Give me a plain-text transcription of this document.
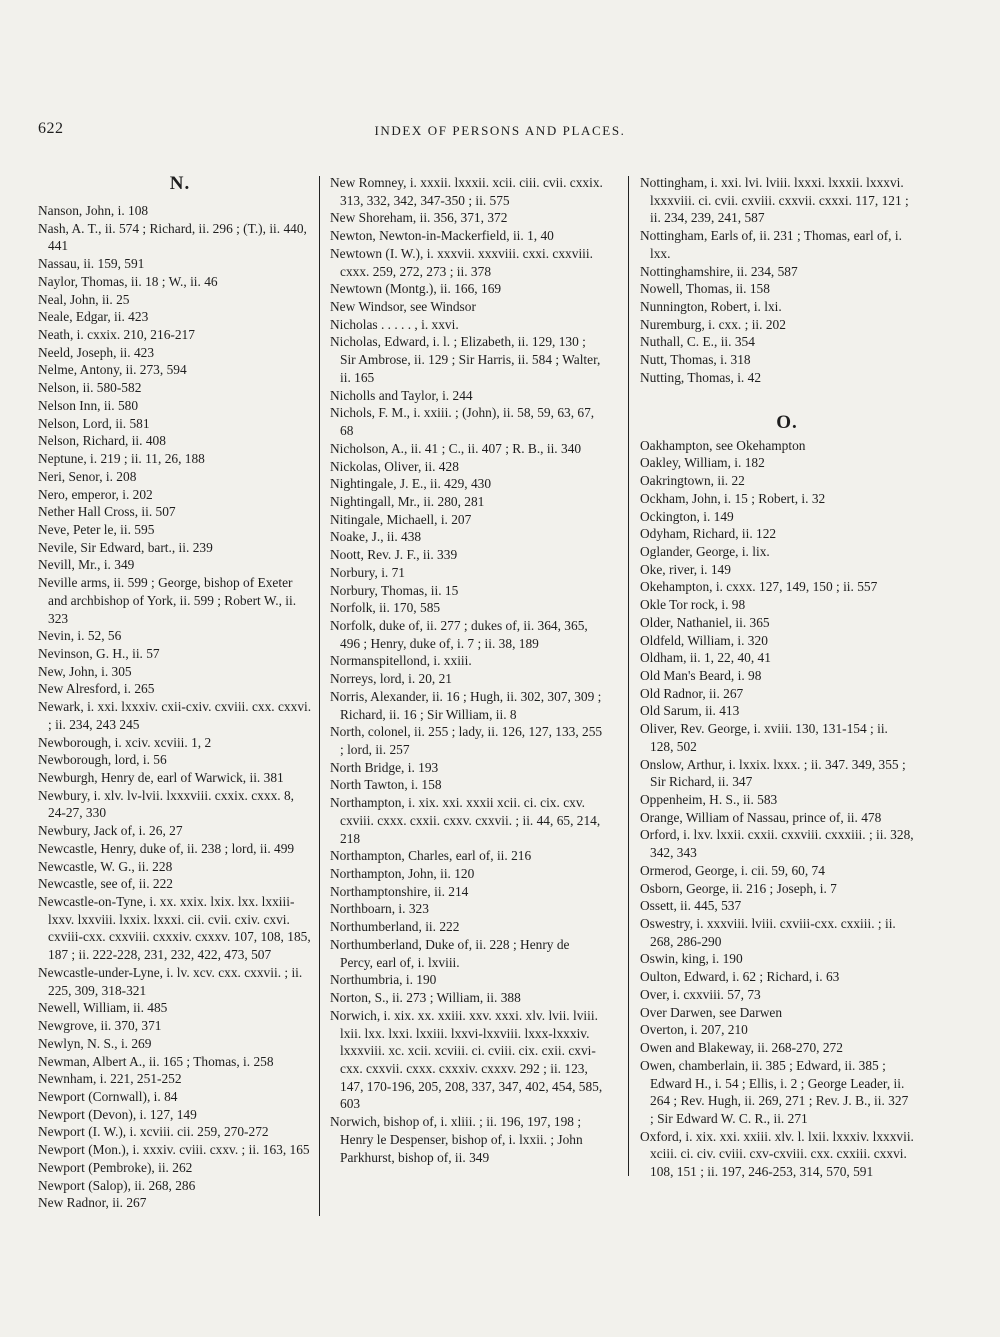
622	INDEX OF PERSONS AND PLACES.
N.

Nanson, John, i. 108

Nash, A. T., ii. 574 ; Richard, ii. 296 ; (T.), ii. 440, 441

Nassau, ii. 159, 591

Naylor, Thomas, ii. 18 ; W., ii. 46

Neal, John, ii. 25

Neale, Edgar, ii. 423

Neath, i. cxxix. 210, 216-217

Neeld, Joseph, ii. 423

Nelme, Antony, ii. 273, 594

Nelson, ii. 580-582

Nelson Inn, ii. 580

Nelson, Lord, ii. 581

Nelson, Richard, ii. 408

Neptune, i. 219 ; ii. 11, 26, 188

Neri, Senor, i. 208

Nero, emperor, i. 202

Nether Hall Cross, ii. 507

Neve, Peter le, ii. 595

Nevile, Sir Edward, bart., ii. 239

Nevill, Mr., i. 349

Neville arms, ii. 599 ; George, bishop of Exeter and archbishop of York, ii. 599 ; Robert W., ii. 323

Nevin, i. 52, 56

Nevinson, G. H., ii. 57

New, John, i. 305

New Alresford, i. 265

Newark, i. xxi. lxxxiv. cxii-cxiv. cxviii. cxx. cxxvi. ; ii. 234, 243 245

Newborough, i. xciv. xcviii. 1, 2

Newborough, lord, i. 56

Newburgh, Henry de, earl of Warwick, ii. 381

Newbury, i. xlv. lv-lvii. lxxxviii. cxxix. cxxx. 8, 24-27, 330

Newbury, Jack of, i. 26, 27

Newcastle, Henry, duke of, ii. 238 ; lord, ii. 499

Newcastle, W. G., ii. 228

Newcastle, see of, ii. 222

Newcastle-on-Tyne, i. xx. xxix. lxix. lxx. lxxiii-lxxv. lxxviii. lxxix. lxxxi. cii. cvii. cxiv. cxvi. cxviii-cxx. cxxviii. cxxxiv. cxxxv. 107, 108, 185, 187 ; ii. 222-228, 231, 232, 422, 473, 507

Newcastle-under-Lyne, i. lv. xcv. cxx. cxxvii. ; ii. 225, 309, 318-321

Newell, William, ii. 485

Newgrove, ii. 370, 371

Newlyn, N. S., i. 269

Newman, Albert A., ii. 165 ; Thomas, i. 258

Newnham, i. 221, 251-252

Newport (Cornwall), i. 84

Newport (Devon), i. 127, 149

Newport (I. W.), i. xcviii. cii. 259, 270-272

Newport (Mon.), i. xxxiv. cviii. cxxv. ; ii. 163, 165

Newport (Pembroke), ii. 262

Newport (Salop), ii. 268, 286

New Radnor, ii. 267

New Romney, i. xxxii. lxxxii. xcii. ciii. cvii. cxxix. 313, 332, 342, 347-350 ; ii. 575

New Shoreham, ii. 356, 371, 372

Newton, Newton-in-Mackerfield, ii. 1, 40

Newtown (I. W.), i. xxxvii. xxxviii. cxxi. cxxviii. cxxx. 259, 272, 273 ; ii. 378

Newtown (Montg.), ii. 166, 169

New Windsor, see Windsor

Nicholas . . . . . , i. xxvi.

Nicholas, Edward, i. l. ; Elizabeth, ii. 129, 130 ; Sir Ambrose, ii. 129 ; Sir Harris, ii. 584 ; Walter, ii. 165

Nicholls and Taylor, i. 244

Nichols, F. M., i. xxiii. ; (John), ii. 58, 59, 63, 67, 68

Nicholson, A., ii. 41 ; C., ii. 407 ; R. B., ii. 340

Nickolas, Oliver, ii. 428

Nightingale, J. E., ii. 429, 430

Nightingall, Mr., ii. 280, 281

Nitingale, Michaell, i. 207

Noake, J., ii. 438

Noott, Rev. J. F., ii. 339

Norbury, i. 71

Norbury, Thomas, ii. 15

Norfolk, ii. 170, 585

Norfolk, duke of, ii. 277 ; dukes of, ii. 364, 365, 496 ; Henry, duke of, i. 7 ; ii. 38, 189

Normanspitellond, i. xxiii.

Norreys, lord, i. 20, 21

Norris, Alexander, ii. 16 ; Hugh, ii. 302, 307, 309 ; Richard, ii. 16 ; Sir William, ii. 8

North, colonel, ii. 255 ; lady, ii. 126, 127, 133, 255 ; lord, ii. 257

North Bridge, i. 193

North Tawton, i. 158

Northampton, i. xix. xxi. xxxii xcii. ci. cix. cxv. cxviii. cxxx. cxxii. cxxv. cxxvii. ; ii. 44, 65, 214, 218

Northampton, Charles, earl of, ii. 216

Northampton, John, ii. 120

Northamptonshire, ii. 214

Northboarn, i. 323

Northumberland, ii. 222

Northumberland, Duke of, ii. 228 ; Henry de Percy, earl of, i. lxviii.

Northumbria, i. 190

Norton, S., ii. 273 ; William, ii. 388

Norwich, i. xix. xx. xxiii. xxv. xxxi. xlv. lvii. lviii. lxii. lxx. lxxi. lxxiii. lxxvi-lxxviii. lxxx-lxxxiv. lxxxviii. xc. xcii. xcviii. ci. cviii. cix. cxii. cxvi-cxx. cxxvii. cxxx. cxxxiv. cxxxv. 292 ; ii. 123, 147, 170-196, 205, 208, 337, 347, 402, 454, 585, 603

Norwich, bishop of, i. xliii. ; ii. 196, 197, 198 ; Henry le Despenser, bishop of, i. lxxii. ; John Parkhurst, bishop of, ii. 349

Nottingham, i. xxi. lvi. lviii. lxxxi. lxxxii. lxxxvi. lxxxviii. ci. cvii. cxviii. cxxvii. cxxxi. 117, 121 ; ii. 234, 239, 241, 587

Nottingham, Earls of, ii. 231 ; Thomas, earl of, i. lxx.

Nottinghamshire, ii. 234, 587

Nowell, Thomas, ii. 158

Nunnington, Robert, i. lxi.

Nuremburg, i. cxx. ; ii. 202

Nuthall, C. E., ii. 354

Nutt, Thomas, i. 318

Nutting, Thomas, i. 42

O.

Oakhampton, see Okehampton

Oakley, William, i. 182

Oakringtown, ii. 22

Ockham, John, i. 15 ; Robert, i. 32

Ockington, i. 149

Odyham, Richard, ii. 122

Oglander, George, i. lix.

Oke, river, i. 149

Okehampton, i. cxxx. 127, 149, 150 ; ii. 557

Okle Tor rock, i. 98

Older, Nathaniel, ii. 365

Oldfeld, William, i. 320

Oldham, ii. 1, 22, 40, 41

Old Man's Beard, i. 98

Old Radnor, ii. 267

Old Sarum, ii. 413

Oliver, Rev. George, i. xviii. 130, 131-154 ; ii. 128, 502

Onslow, Arthur, i. lxxix. lxxx. ; ii. 347. 349, 355 ; Sir Richard, ii. 347

Oppenheim, H. S., ii. 583

Orange, William of Nassau, prince of, ii. 478

Orford, i. lxv. lxxii. cxxii. cxxviii. cxxxiii. ; ii. 328, 342, 343

Ormerod, George, i. cii. 59, 60, 74

Osborn, George, ii. 216 ; Joseph, i. 7

Ossett, ii. 445, 537

Oswestry, i. xxxviii. lviii. cxviii-cxx. cxxiii. ; ii. 268, 286-290

Oswin, king, i. 190

Oulton, Edward, i. 62 ; Richard, i. 63

Over, i. cxxviii. 57, 73

Over Darwen, see Darwen

Overton, i. 207, 210

Owen and Blakeway, ii. 268-270, 272

Owen, chamberlain, ii. 385 ; Edward, ii. 385 ; Edward H., i. 54 ; Ellis, i. 2 ; George Leader, ii. 264 ; Rev. Hugh, ii. 269, 271 ; Rev. J. B., ii. 327 ; Sir Edward W. C. R., ii. 271

Oxford, i. xix. xxi. xxiii. xlv. l. lxii. lxxxiv. lxxxvii. xciii. ci. civ. cviii. cxv-cxviii. cxx. cxxiii. cxxvi. 108, 151 ; ii. 197, 246-253, 314, 570, 591
